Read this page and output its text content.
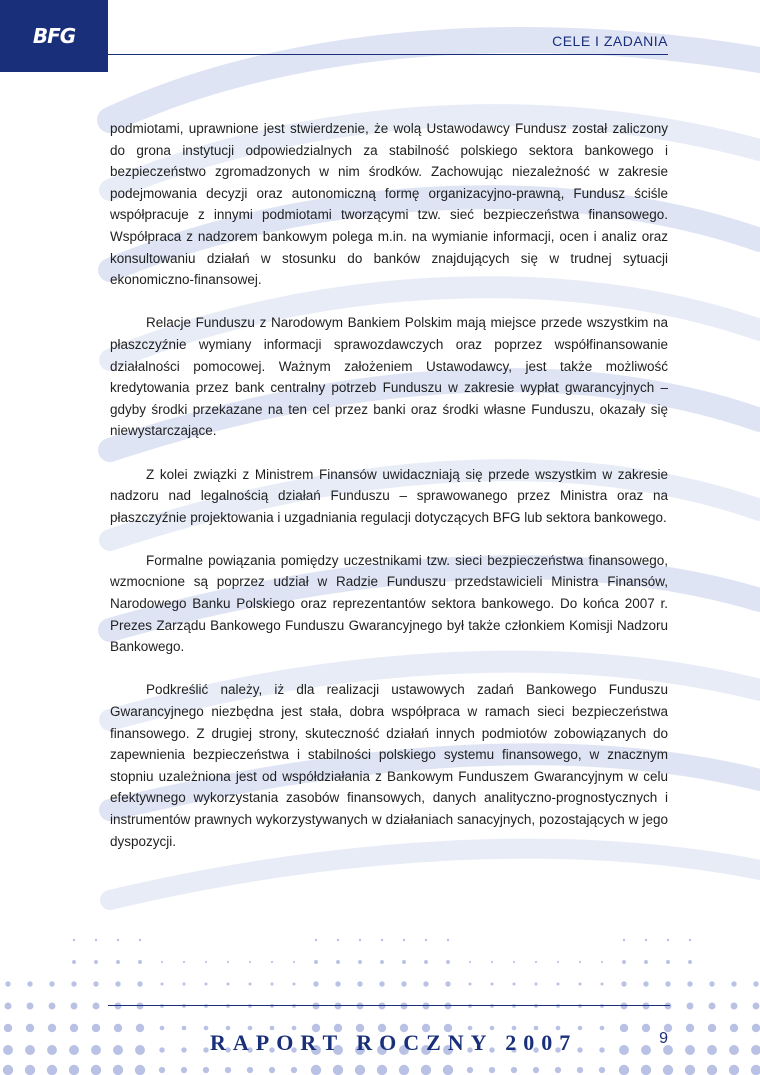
BFG	CELE I ZADANIA

podmiotami, uprawnione jest stwierdzenie, że wolą Ustawodawcy Fundusz został zaliczony do grona instytucji odpowiedzialnych za stabilność polskiego sektora bankowego i bezpieczeństwo zgromadzonych w nim środków. Zachowując niezależność w zakresie podejmowania decyzji oraz autonomiczną formę organizacyjno-prawną, Fundusz ściśle współpracuje z innymi podmiotami tworzącymi tzw. sieć bezpieczeństwa finansowego. Współpraca z nadzorem bankowym polega m.in. na wymianie informacji, ocen i analiz oraz konsultowaniu działań w stosunku do banków znajdujących się w trudnej sytuacji ekonomiczno-finansowej.

Relacje Funduszu z Narodowym Bankiem Polskim mają miejsce przede wszystkim na płaszczyźnie wymiany informacji sprawozdawczych oraz poprzez współfinansowanie działalności pomocowej. Ważnym założeniem Ustawodawcy, jest także możliwość kredytowania przez bank centralny potrzeb Funduszu w zakresie wypłat gwarancyjnych – gdyby środki przekazane na ten cel przez banki oraz środki własne Funduszu, okazały się niewystarczające.

Z kolei związki z Ministrem Finansów uwidaczniają się przede wszystkim w zakresie nadzoru nad legalnością działań Funduszu – sprawowanego przez Ministra oraz na płaszczyźnie projektowania i uzgadniania regulacji dotyczących BFG lub sektora bankowego.

Formalne powiązania pomiędzy uczestnikami tzw. sieci bezpieczeństwa finansowego, wzmocnione są poprzez udział w Radzie Funduszu przedstawicieli Ministra Finansów, Narodowego Banku Polskiego oraz reprezentantów sektora bankowego. Do końca 2007 r. Prezes Zarządu Bankowego Funduszu Gwarancyjnego był także członkiem Komisji Nadzoru Bankowego.

Podkreślić należy, iż dla realizacji ustawowych zadań Bankowego Funduszu Gwarancyjnego niezbędna jest stała, dobra współpraca w ramach sieci bezpieczeństwa finansowego. Z drugiej strony, skuteczność działań innych podmiotów zobowiązanych do zapewnienia bezpieczeństwa i stabilności polskiego systemu finansowego, w znacznym stopniu uzależniona jest od współdziałania z Bankowym Funduszem Gwarancyjnym w celu efektywnego wykorzystania zasobów finansowych, danych analityczno-prognostycznych i instrumentów prawnych wykorzystywanych w działaniach sanacyjnych, pozostających w jego dyspozycji.

RAPORT ROCZNY 2007	9
